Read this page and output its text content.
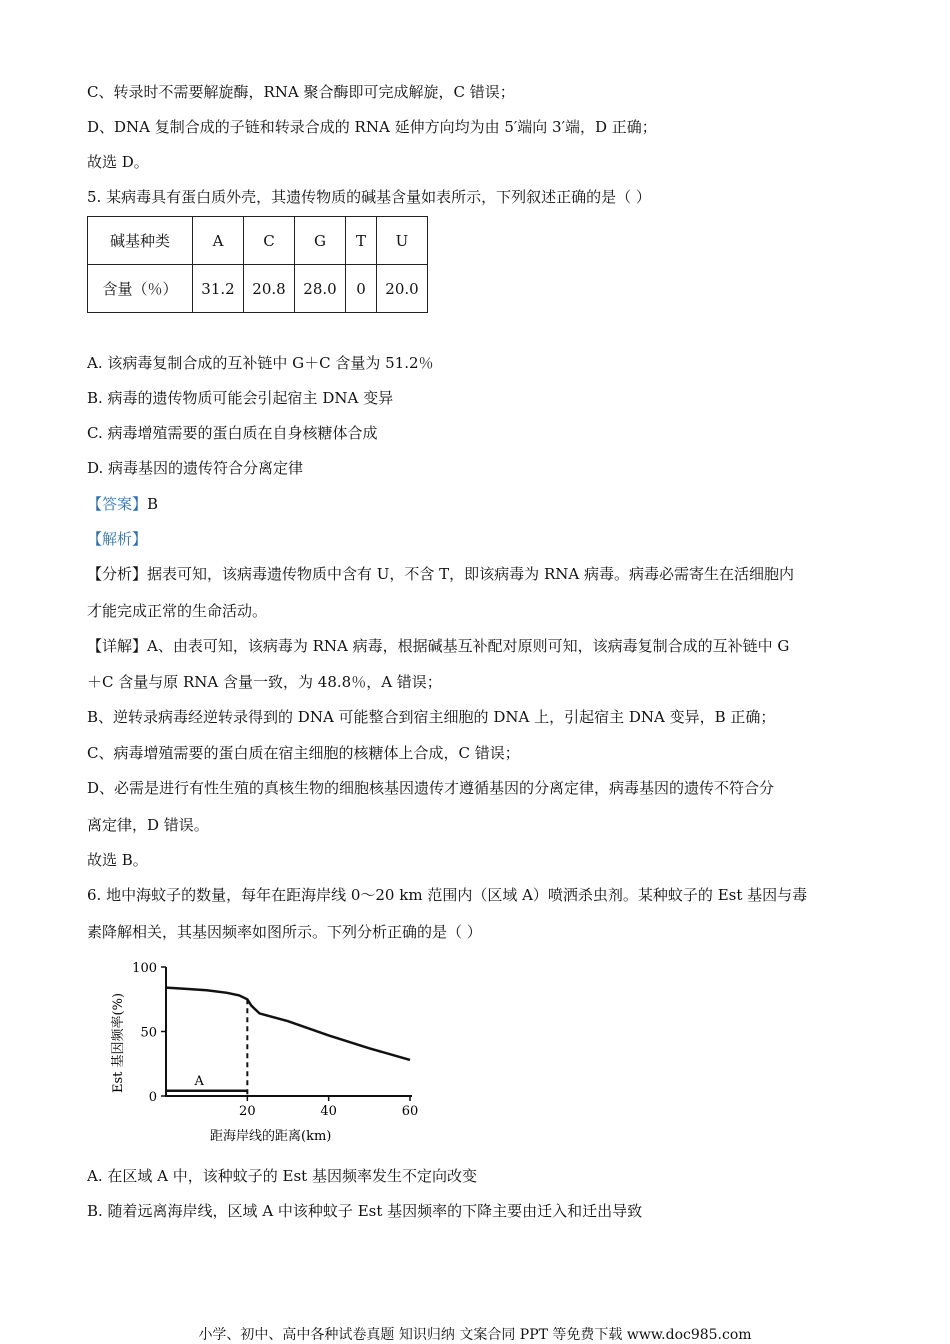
C、转录时不需要解旋酶，RNA 聚合酶即可完成解旋，C 错误；
D、DNA 复制合成的子链和转录合成的 RNA 延伸方向均为由 5′端向 3′端，D 正确；
故选 D。
5. 某病毒具有蛋白质外壳，其遗传物质的碱基含量如表所示，下列叙述正确的是（ ）
碱基种类	A	C	G	T	U
含量（％）	31.2	20.8	28.0	0	20.0
A. 该病毒复制合成的互补链中 G＋C 含量为 51.2％
B. 病毒的遗传物质可能会引起宿主 DNA 变异
C. 病毒增殖需要的蛋白质在自身核糖体合成
D. 病毒基因的遗传符合分离定律
【答案】B
【解析】
【分析】据表可知，该病毒遗传物质中含有 U，不含 T，即该病毒为 RNA 病毒。病毒必需寄生在活细胞内
才能完成正常的生命活动。
【详解】A、由表可知，该病毒为 RNA 病毒，根据碱基互补配对原则可知，该病毒复制合成的互补链中 G
＋C 含量与原 RNA 含量一致，为 48.8％，A 错误；
B、逆转录病毒经逆转录得到的 DNA 可能整合到宿主细胞的 DNA 上，引起宿主 DNA 变异，B 正确；
C、病毒增殖需要的蛋白质在宿主细胞的核糖体上合成，C 错误；
D、必需是进行有性生殖的真核生物的细胞核基因遗传才遵循基因的分离定律，病毒基因的遗传不符合分
离定律，D 错误。
故选 B。
6. 地中海蚊子的数量，每年在距海岸线 0～20 km 范围内（区域 A）喷洒杀虫剂。某种蚊子的 Est 基因与毒
素降解相关，其基因频率如图所示。下列分析正确的是（ ）
100
50
0
20	40	60
A
Est 基因频率(%)
距海岸线的距离(km)
A. 在区域 A 中，该种蚊子的 Est 基因频率发生不定向改变
B. 随着远离海岸线，区域 A 中该种蚊子 Est 基因频率的下降主要由迁入和迁出导致
小学、初中、高中各种试卷真题 知识归纳 文案合同 PPT 等免费下载 www.doc985.com
